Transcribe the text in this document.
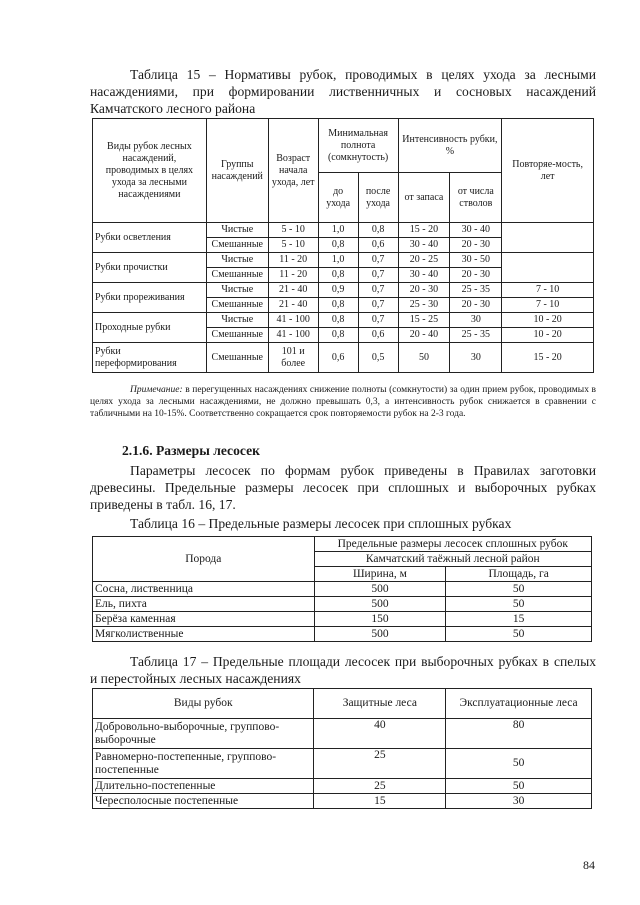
Таблица 15 – Нормативы рубок, проводимых в целях ухода за лесными
насаждениями, при формировании лиственничных и сосновых насаждений
Камчатского лесного района

Виды рубок лесных насаждений, проводимых в целях ухода за лесными насаждениями	Группы насаждений	Возраст начала ухода, лет	Минимальная полнота (сомкнутость)		Интенсивность рубки, %		Повторяе-мость, лет
			до ухода	после ухода	от запаса	от числа стволов	
Рубки осветления	Чистые	5 - 10	1,0	0,8	15 - 20	30 - 40	
	Смешанные	5 - 10	0,8	0,6	30 - 40	20 - 30	
Рубки прочистки	Чистые	11 - 20	1,0	0,7	20 - 25	30 - 50	
	Смешанные	11 - 20	0,8	0,7	30 - 40	20 - 30	
Рубки прореживания	Чистые	21 - 40	0,9	0,7	20 - 30	25 - 35	7 - 10
	Смешанные	21 - 40	0,8	0,7	25 - 30	20 - 30	7 - 10
Проходные рубки	Чистые	41 - 100	0,8	0,7	15 - 25	30	10 - 20
	Смешанные	41 - 100	0,8	0,6	20 - 40	25 - 35	10 - 20
Рубки переформирования	Смешанные	101 и более	0,6	0,5	50	30	15 - 20

Примечание: в перегущенных насаждениях снижение полноты (сомкнутости) за один прием рубок, проводимых в целях ухода за лесными насаждениями, не должно превышать 0,3, а интенсивность рубок снижается в сравнении с табличными на 10-15%. Соответственно сокращается срок повторяемости рубок на 2-3 года.

2.1.6. Размеры лесосек

Параметры лесосек по формам рубок приведены в Правилах заготовки
древесины. Предельные размеры лесосек при сплошных и выборочных рубках
приведены в табл. 16, 17.

Таблица 16 – Предельные размеры лесосек при сплошных рубках

Порода	Предельные размеры лесосек сплошных рубок	
	Камчатский таёжный лесной район	
	Ширина, м	Площадь, га
Сосна, лиственница	500	50
Ель, пихта	500	50
Берёза каменная	150	15
Мягколиственные	500	50

Таблица 17 – Предельные площади лесосек при выборочных рубках в спелых
и перестойных лесных насаждениях

Виды рубок	Защитные леса	Эксплуатационные леса
Добровольно-выборочные, группово-выборочные	40	80
Равномерно-постепенные, группово-постепенные	25	50
Длительно-постепенные	25	50
Чересполосные постепенные	15	30
84
